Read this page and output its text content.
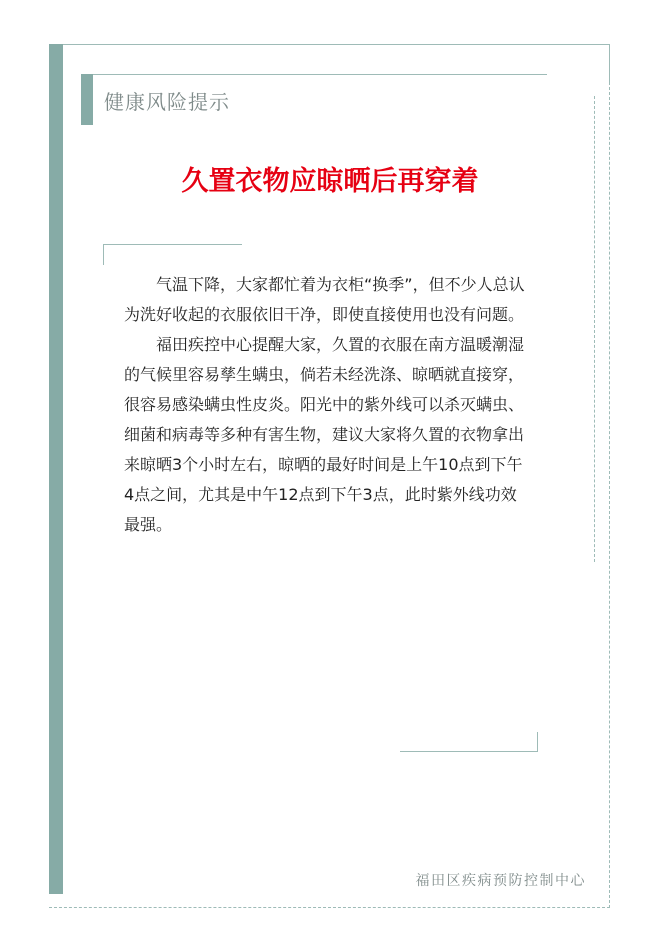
健康风险提示
久置衣物应晾晒后再穿着

气温下降，大家都忙着为衣柜“换季”，但不少人总认为洗好收起的衣服依旧干净，即使直接使用也没有问题。

福田疾控中心提醒大家，久置的衣服在南方温暖潮湿的气候里容易孳生螨虫，倘若未经洗涤、晾晒就直接穿，很容易感染螨虫性皮炎。阳光中的紫外线可以杀灭螨虫、细菌和病毒等多种有害生物，建议大家将久置的衣物拿出来晾晒3个小时左右，晾晒的最好时间是上午10点到下午4点之间，尤其是中午12点到下午3点，此时紫外线功效最强。

福田区疾病预防控制中心
